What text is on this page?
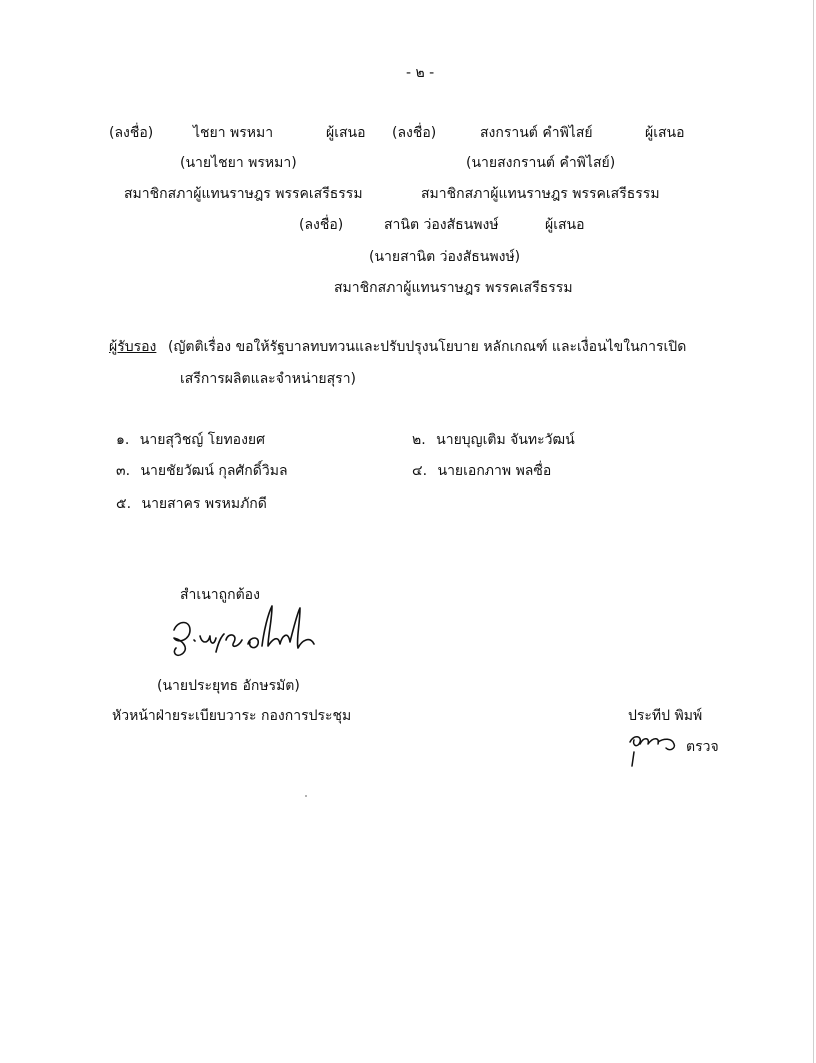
- ๒ -
(ลงชื่อ)	ไชยา พรหมา	ผู้เสนอ
(นายไชยา พรหมา)
สมาชิกสภาผู้แทนราษฎร พรรคเสรีธรรม
(ลงชื่อ)	สงกรานต์ คำพิไสย์	ผู้เสนอ
(นายสงกรานต์ คำพิไสย์)
สมาชิกสภาผู้แทนราษฎร พรรคเสรีธรรม
(ลงชื่อ)	สานิต ว่องสัธนพงษ์	ผู้เสนอ
(นายสานิต ว่องสัธนพงษ์)
สมาชิกสภาผู้แทนราษฎร พรรคเสรีธรรม
ผู้รับรอง (ญัตติเรื่อง ขอให้รัฐบาลทบทวนและปรับปรุงนโยบาย หลักเกณฑ์ และเงื่อนไขในการเปิด
เสรีการผลิตและจำหน่ายสุรา)
๑. นายสุวิชญ์ โยทองยศ	๒. นายบุญเติม จันทะวัฒน์
๓. นายชัยวัฒน์ กุลศักดิ์วิมล	๔. นายเอกภาพ พลซื่อ
๕. นายสาคร พรหมภักดี
สำเนาถูกต้อง
(นายประยุทธ อักษรมัต)
หัวหน้าฝ่ายระเบียบวาระ กองการประชุม	ประทีป พิมพ์
ตรวจ
